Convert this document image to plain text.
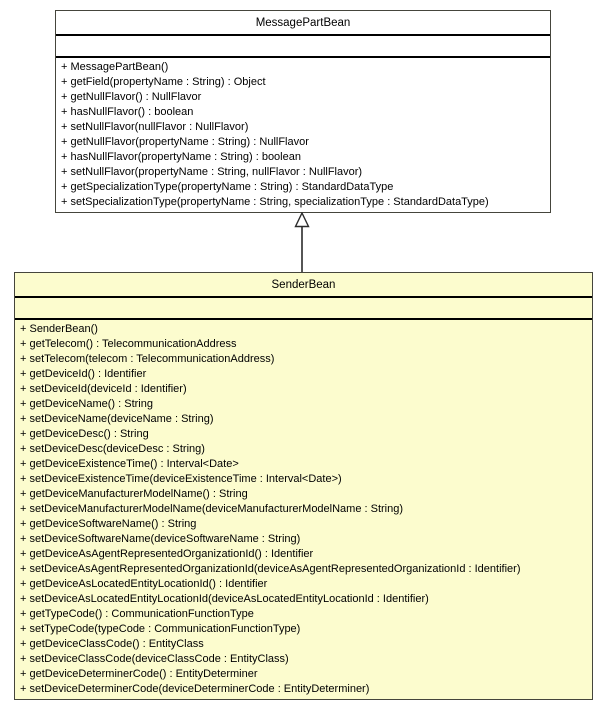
MessagePartBean
+ MessagePartBean()
+ getField(propertyName : String) : Object
+ getNullFlavor() : NullFlavor
+ hasNullFlavor() : boolean
+ setNullFlavor(nullFlavor : NullFlavor)
+ getNullFlavor(propertyName : String) : NullFlavor
+ hasNullFlavor(propertyName : String) : boolean
+ setNullFlavor(propertyName : String, nullFlavor : NullFlavor)
+ getSpecializationType(propertyName : String) : StandardDataType
+ setSpecializationType(propertyName : String, specializationType : StandardDataType)
SenderBean
+ SenderBean()
+ getTelecom() : TelecommunicationAddress
+ setTelecom(telecom : TelecommunicationAddress)
+ getDeviceId() : Identifier
+ setDeviceId(deviceId : Identifier)
+ getDeviceName() : String
+ setDeviceName(deviceName : String)
+ getDeviceDesc() : String
+ setDeviceDesc(deviceDesc : String)
+ getDeviceExistenceTime() : Interval<Date>
+ setDeviceExistenceTime(deviceExistenceTime : Interval<Date>)
+ getDeviceManufacturerModelName() : String
+ setDeviceManufacturerModelName(deviceManufacturerModelName : String)
+ getDeviceSoftwareName() : String
+ setDeviceSoftwareName(deviceSoftwareName : String)
+ getDeviceAsAgentRepresentedOrganizationId() : Identifier
+ setDeviceAsAgentRepresentedOrganizationId(deviceAsAgentRepresentedOrganizationId : Identifier)
+ getDeviceAsLocatedEntityLocationId() : Identifier
+ setDeviceAsLocatedEntityLocationId(deviceAsLocatedEntityLocationId : Identifier)
+ getTypeCode() : CommunicationFunctionType
+ setTypeCode(typeCode : CommunicationFunctionType)
+ getDeviceClassCode() : EntityClass
+ setDeviceClassCode(deviceClassCode : EntityClass)
+ getDeviceDeterminerCode() : EntityDeterminer
+ setDeviceDeterminerCode(deviceDeterminerCode : EntityDeterminer)
